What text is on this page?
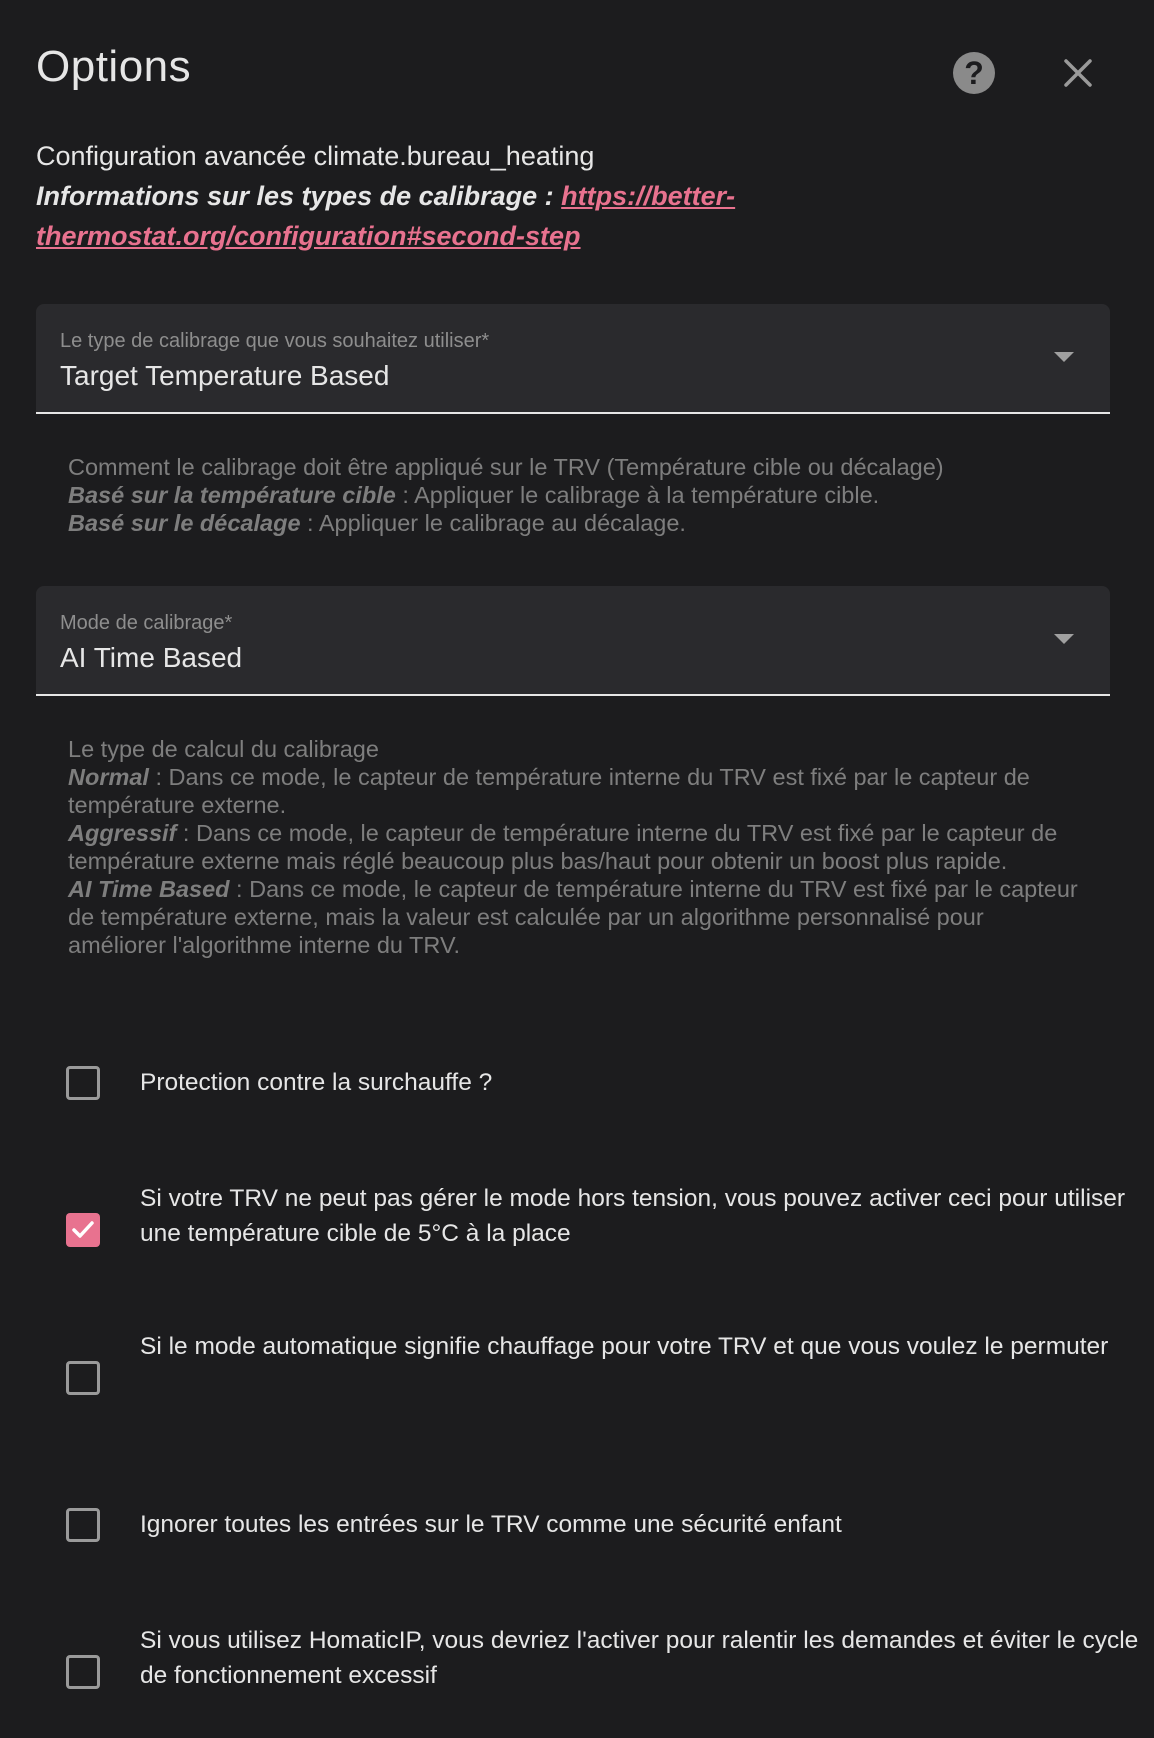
Options	?
Configuration avancée climate.bureau_heating
Informations sur les types de calibrage : https://better-thermostat.org/configuration#second-step
Le type de calibrage que vous souhaitez utiliser*
Target Temperature Based
Comment le calibrage doit être appliqué sur le TRV (Température cible ou décalage)
Basé sur la température cible : Appliquer le calibrage à la température cible.
Basé sur le décalage : Appliquer le calibrage au décalage.
Mode de calibrage*
AI Time Based
Le type de calcul du calibrage
Normal : Dans ce mode, le capteur de température interne du TRV est fixé par le capteur de température externe.
Aggressif : Dans ce mode, le capteur de température interne du TRV est fixé par le capteur de température externe mais réglé beaucoup plus bas/haut pour obtenir un boost plus rapide.
AI Time Based : Dans ce mode, le capteur de température interne du TRV est fixé par le capteur de température externe, mais la valeur est calculée par un algorithme personnalisé pour améliorer l'algorithme interne du TRV.
Protection contre la surchauffe ?
Si votre TRV ne peut pas gérer le mode hors tension, vous pouvez activer ceci pour utiliser une température cible de 5°C à la place
Si le mode automatique signifie chauffage pour votre TRV et que vous voulez le permuter
Ignorer toutes les entrées sur le TRV comme une sécurité enfant
Si vous utilisez HomaticIP, vous devriez l'activer pour ralentir les demandes et éviter le cycle de fonctionnement excessif
